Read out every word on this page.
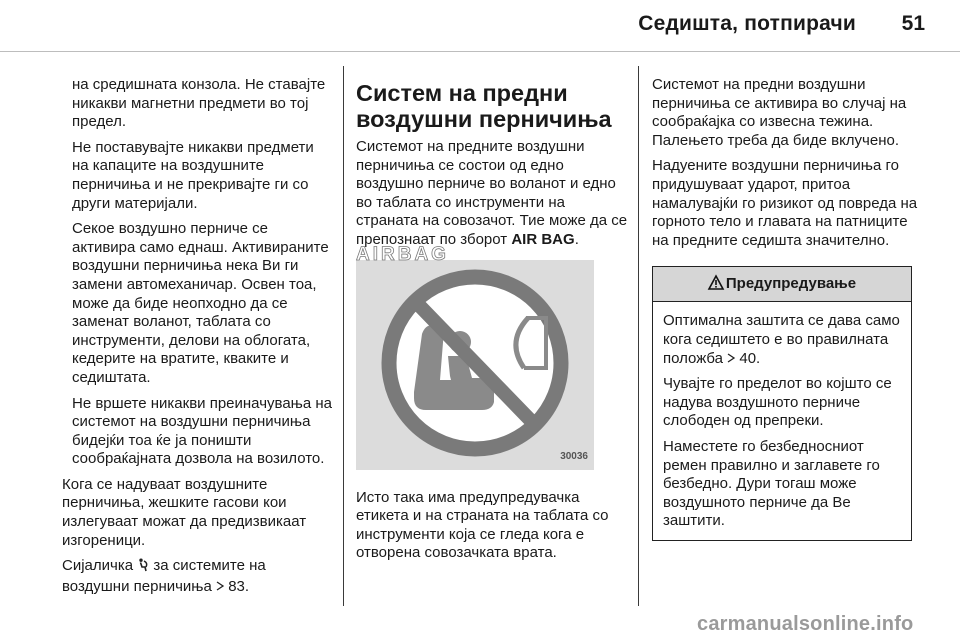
Седишта, потпирачи	51

на средишната конзола. Не ставајте никакви магнетни предмети во тој предел.

Не поставувајте никакви предмети на капаците на воздушните перничиња и не прекривајте ги со други материјали.

Секое воздушно перниче се активира само еднаш. Активираните воздушни перничиња нека Ви ги замени автомеханичар. Освен тоа, може да биде неопходно да се заменат воланот, таблата со инструменти, делови на облогата, кедерите на вратите, кваките и седиштата.

Не вршете никакви преиначувања на системот на воздушни перничиња бидејќи тоа ќе ја поништи сообраќајната дозвола на возилото.

Кога се надуваат воздушните перничиња, жешките гасови кои излегуваат можат да предизвикаат изгореници.

Сијаличка за системите на воздушни перничиња 83.

Систем на предни воздушни перничиња

Системот на предните воздушни перничиња се состои од едно воздушно перниче во воланот и едно во таблата со инструменти на страната на совозачот. Тие може да се препознаат по зборот AIR BAG.

AIRBAG
30036

Исто така има предупредувачка етикета и на страната на таблата со инструменти која се гледа кога е отворена совозачката врата.

Системот на предни воздушни перничиња се активира во случај на сообраќајка со извесна тежина. Палењето треба да биде вклучено.

Надуените воздушни перничиња го придушуваат ударот, притоа намалувајќи го ризикот од повреда на горното тело и главата на патниците на предните седишта значително.

Предупредување

Оптимална заштита се дава само кога седиштето е во правилната положба 40.

Чувајте го пределот во којшто се надува воздушното перниче слободен од препреки.

Наместете го безбедносниот ремен правилно и заглавете го безбедно. Дури тогаш може воздушното перниче да Ве заштити.

carmanualsonline.info
